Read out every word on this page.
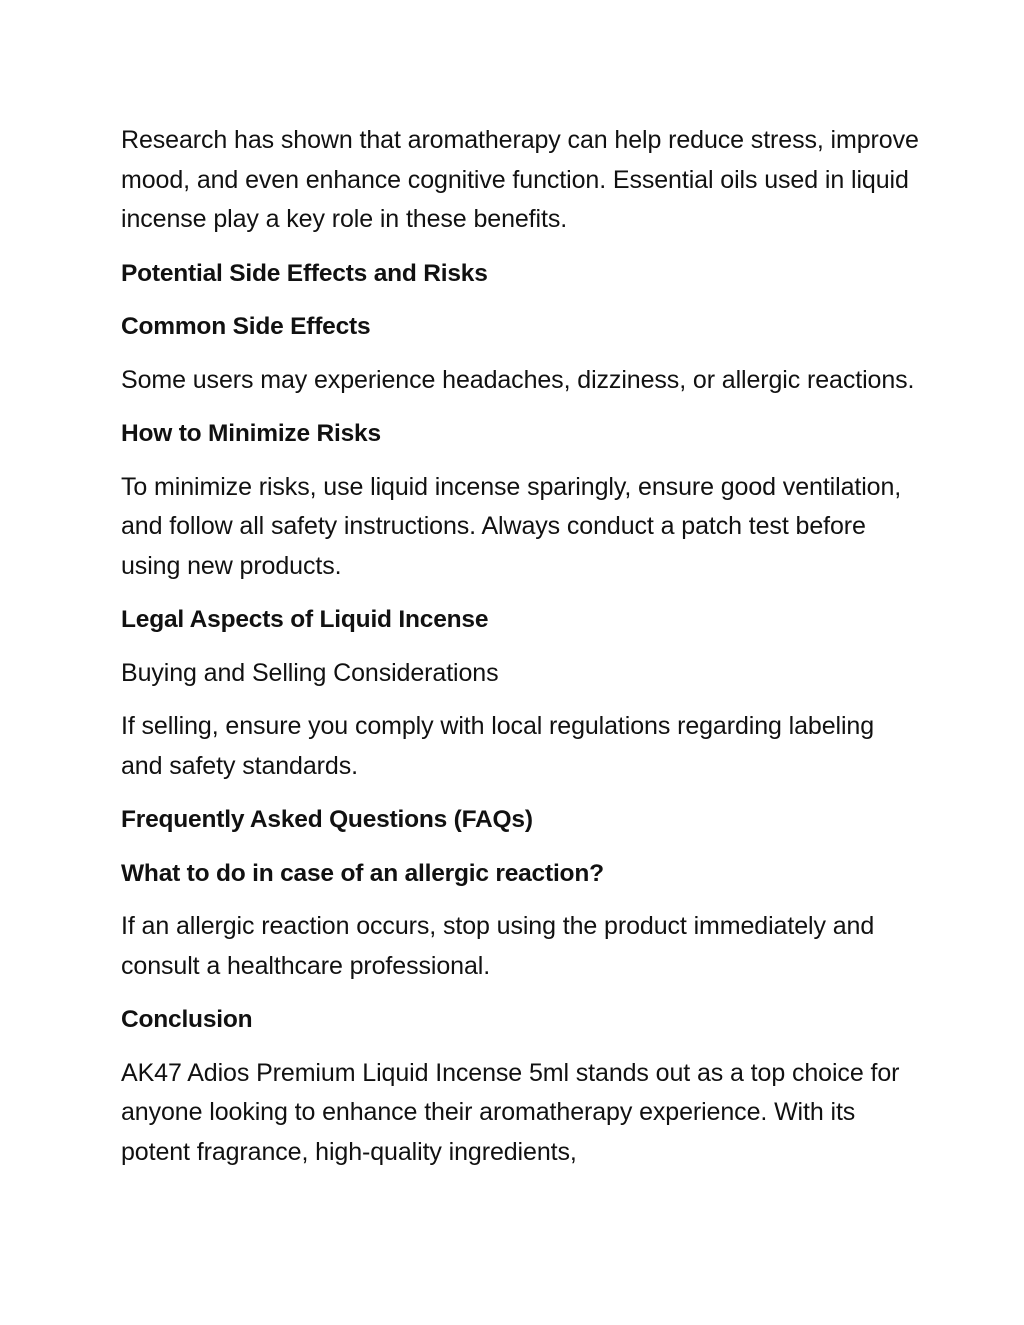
Research has shown that aromatherapy can help reduce stress, improve mood, and even enhance cognitive function. Essential oils used in liquid incense play a key role in these benefits.

Potential Side Effects and Risks
Common Side Effects

Some users may experience headaches, dizziness, or allergic reactions.

How to Minimize Risks

To minimize risks, use liquid incense sparingly, ensure good ventilation, and follow all safety instructions. Always conduct a patch test before using new products.

Legal Aspects of Liquid Incense

Buying and Selling Considerations

If selling, ensure you comply with local regulations regarding labeling and safety standards.

Frequently Asked Questions (FAQs)
What to do in case of an allergic reaction?

If an allergic reaction occurs, stop using the product immediately and consult a healthcare professional.

Conclusion

AK47 Adios Premium Liquid Incense 5ml stands out as a top choice for anyone looking to enhance their aromatherapy experience. With its potent fragrance, high-quality ingredients,
